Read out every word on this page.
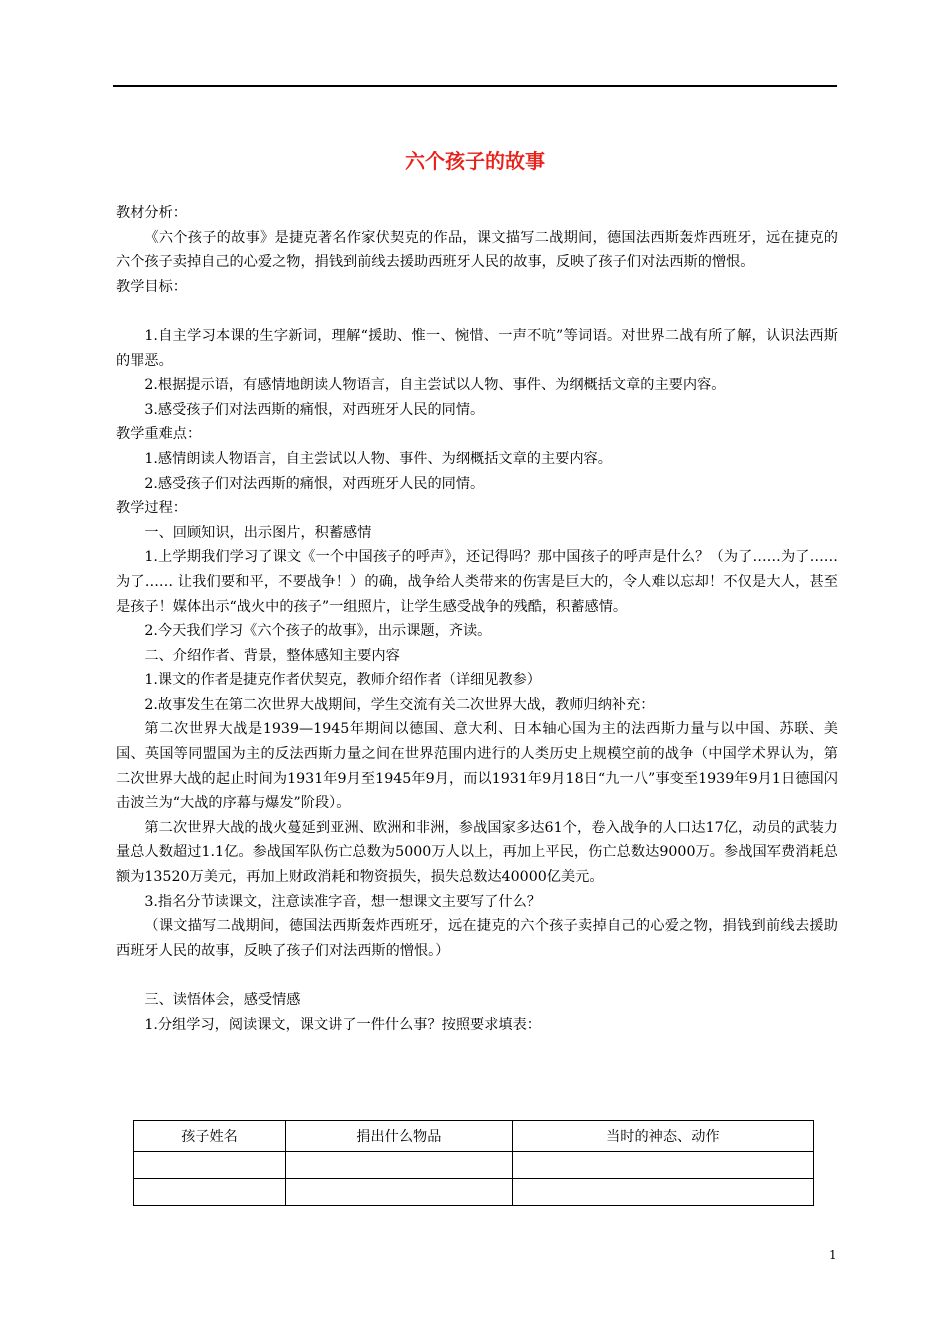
六个孩子的故事

教材分析：

《六个孩子的故事》是捷克著名作家伏契克的作品，课文描写二战期间，德国法西斯轰炸西班牙，远在捷克的六个孩子卖掉自己的心爱之物，捐钱到前线去援助西班牙人民的故事，反映了孩子们对法西斯的憎恨。

教学目标：

1.自主学习本课的生字新词，理解“援助、惟一、惋惜、一声不吭”等词语。对世界二战有所了解，认识法西斯的罪恶。

2.根据提示语，有感情地朗读人物语言，自主尝试以人物、事件、为纲概括文章的主要内容。

3.感受孩子们对法西斯的痛恨，对西班牙人民的同情。

教学重难点：

1.感情朗读人物语言，自主尝试以人物、事件、为纲概括文章的主要内容。

2.感受孩子们对法西斯的痛恨，对西班牙人民的同情。

教学过程：

一、回顾知识，出示图片，积蓄感情

1.上学期我们学习了课文《一个中国孩子的呼声》，还记得吗？那中国孩子的呼声是什么？（为了……为了……为了…… 让我们要和平，不要战争！）的确，战争给人类带来的伤害是巨大的，令人难以忘却！不仅是大人，甚至是孩子！媒体出示“战火中的孩子”一组照片，让学生感受战争的残酷，积蓄感情。

2.今天我们学习《六个孩子的故事》，出示课题，齐读。

二、介绍作者、背景，整体感知主要内容

1.课文的作者是捷克作者伏契克，教师介绍作者（详细见教参）

2.故事发生在第二次世界大战期间，学生交流有关二次世界大战，教师归纳补充：

第二次世界大战是1939—1945年期间以德国、意大利、日本轴心国为主的法西斯力量与以中国、苏联、美国、英国等同盟国为主的反法西斯力量之间在世界范围内进行的人类历史上规模空前的战争（中国学术界认为，第二次世界大战的起止时间为1931年9月至1945年9月，而以1931年9月18日“九一八”事变至1939年9月1日德国闪击波兰为“大战的序幕与爆发”阶段）。

第二次世界大战的战火蔓延到亚洲、欧洲和非洲，参战国家多达61个，卷入战争的人口达17亿，动员的武装力量总人数超过1.1亿。参战国军队伤亡总数为5000万人以上，再加上平民，伤亡总数达9000万。参战国军费消耗总额为13520万美元，再加上财政消耗和物资损失，损失总数达40000亿美元。

3.指名分节读课文，注意读准字音，想一想课文主要写了什么？

（课文描写二战期间，德国法西斯轰炸西班牙，远在捷克的六个孩子卖掉自己的心爱之物，捐钱到前线去援助西班牙人民的故事，反映了孩子们对法西斯的憎恨。）

三、读悟体会，感受情感

1.分组学习，阅读课文，课文讲了一件什么事？按照要求填表：

孩子姓名	捐出什么物品	当时的神态、动作

1
